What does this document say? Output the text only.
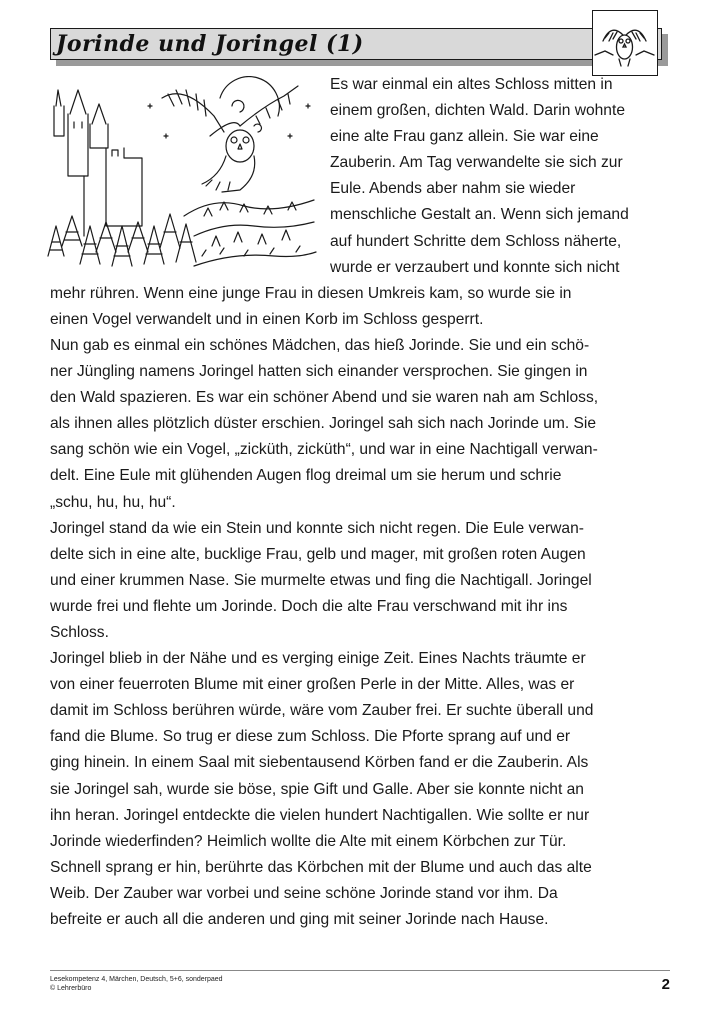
Jorinde und Joringel (1)

Es war einmal ein altes Schloss mitten in

einem großen, dichten Wald. Darin wohnte

eine alte Frau ganz allein. Sie war eine

Zauberin. Am Tag verwandelte sie sich zur

Eule. Abends aber nahm sie wieder

menschliche Gestalt an. Wenn sich jemand

auf hundert Schritte dem Schloss näherte,

wurde er verzaubert und konnte sich nicht

mehr rühren. Wenn eine junge Frau in diesen Umkreis kam, so wurde sie in

einen Vogel verwandelt und in einen Korb im Schloss gesperrt.

Nun gab es einmal ein schönes Mädchen, das hieß Jorinde. Sie und ein schö-

ner Jüngling namens Joringel hatten sich einander versprochen. Sie gingen in

den Wald spazieren. Es war ein schöner Abend und sie waren nah am Schloss,

als ihnen alles plötzlich düster erschien. Joringel sah sich nach Jorinde um. Sie

sang schön wie ein Vogel, „zicküth, zicküth“, und war in eine Nachtigall verwan-

delt. Eine Eule mit glühenden Augen flog dreimal um sie herum und schrie

„schu, hu, hu, hu“.

Joringel stand da wie ein Stein und konnte sich nicht regen. Die Eule verwan-

delte sich in eine alte, bucklige Frau, gelb und mager, mit großen roten Augen

und einer krummen Nase. Sie murmelte etwas und fing die Nachtigall. Joringel

wurde frei und flehte um Jorinde. Doch die alte Frau verschwand mit ihr ins

Schloss.

Joringel blieb in der Nähe und es verging einige Zeit. Eines Nachts träumte er

von einer feuerroten Blume mit einer großen Perle in der Mitte. Alles, was er

damit im Schloss berühren würde, wäre vom Zauber frei. Er suchte überall und

fand die Blume. So trug er diese zum Schloss. Die Pforte sprang auf und er

ging hinein. In einem Saal mit siebentausend Körben fand er die Zauberin. Als

sie Joringel sah, wurde sie böse, spie Gift und Galle. Aber sie konnte nicht an

ihn heran. Joringel entdeckte die vielen hundert Nachtigallen. Wie sollte er nur

Jorinde wiederfinden? Heimlich wollte die Alte mit einem Körbchen zur Tür.

Schnell sprang er hin, berührte das Körbchen mit der Blume und auch das alte

Weib. Der Zauber war vorbei und seine schöne Jorinde stand vor ihm. Da

befreite er auch all die anderen und ging mit seiner Jorinde nach Hause.

Lesekompetenz 4, Märchen, Deutsch, 5+6, sonderpaed
© Lehrerbüro	2
